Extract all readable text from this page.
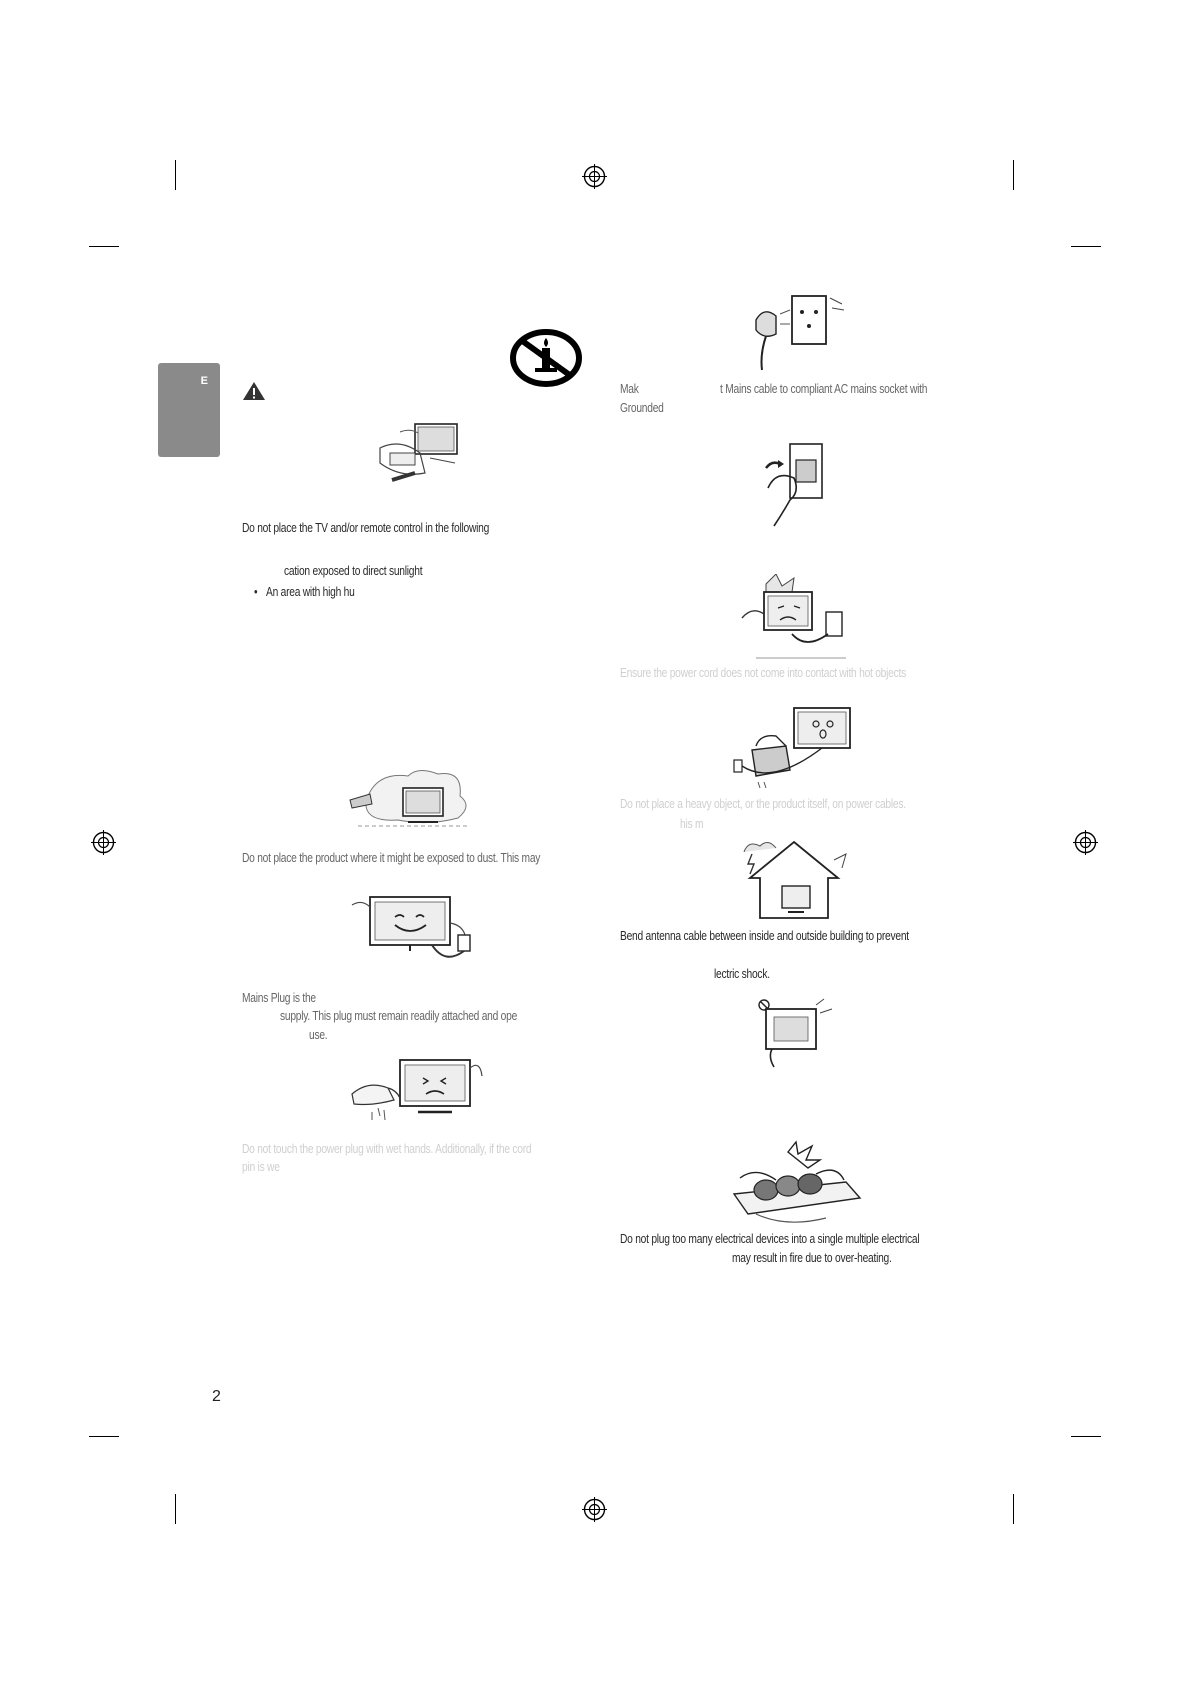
E
Do not place the TV and/or remote control in the following
cation exposed to direct sunlight
• An area with high hu
Do not place the product where it might be exposed to dust. This may
Mains Plug is the
supply. This plug must remain readily attached and ope
use.
Do not touch the power plug with wet hands. Additionally, if the cord
pin is we
Mak	t Mains cable to compliant AC mains socket with
Grounded
Ensure the power cord does not come into contact with hot objects
Do not place a heavy object, or the product itself, on power cables.
his m
Bend antenna cable between inside and outside building to prevent
lectric shock.
Do not plug too many electrical devices into a single multiple electrical
may result in fire due to over-heating.
2
